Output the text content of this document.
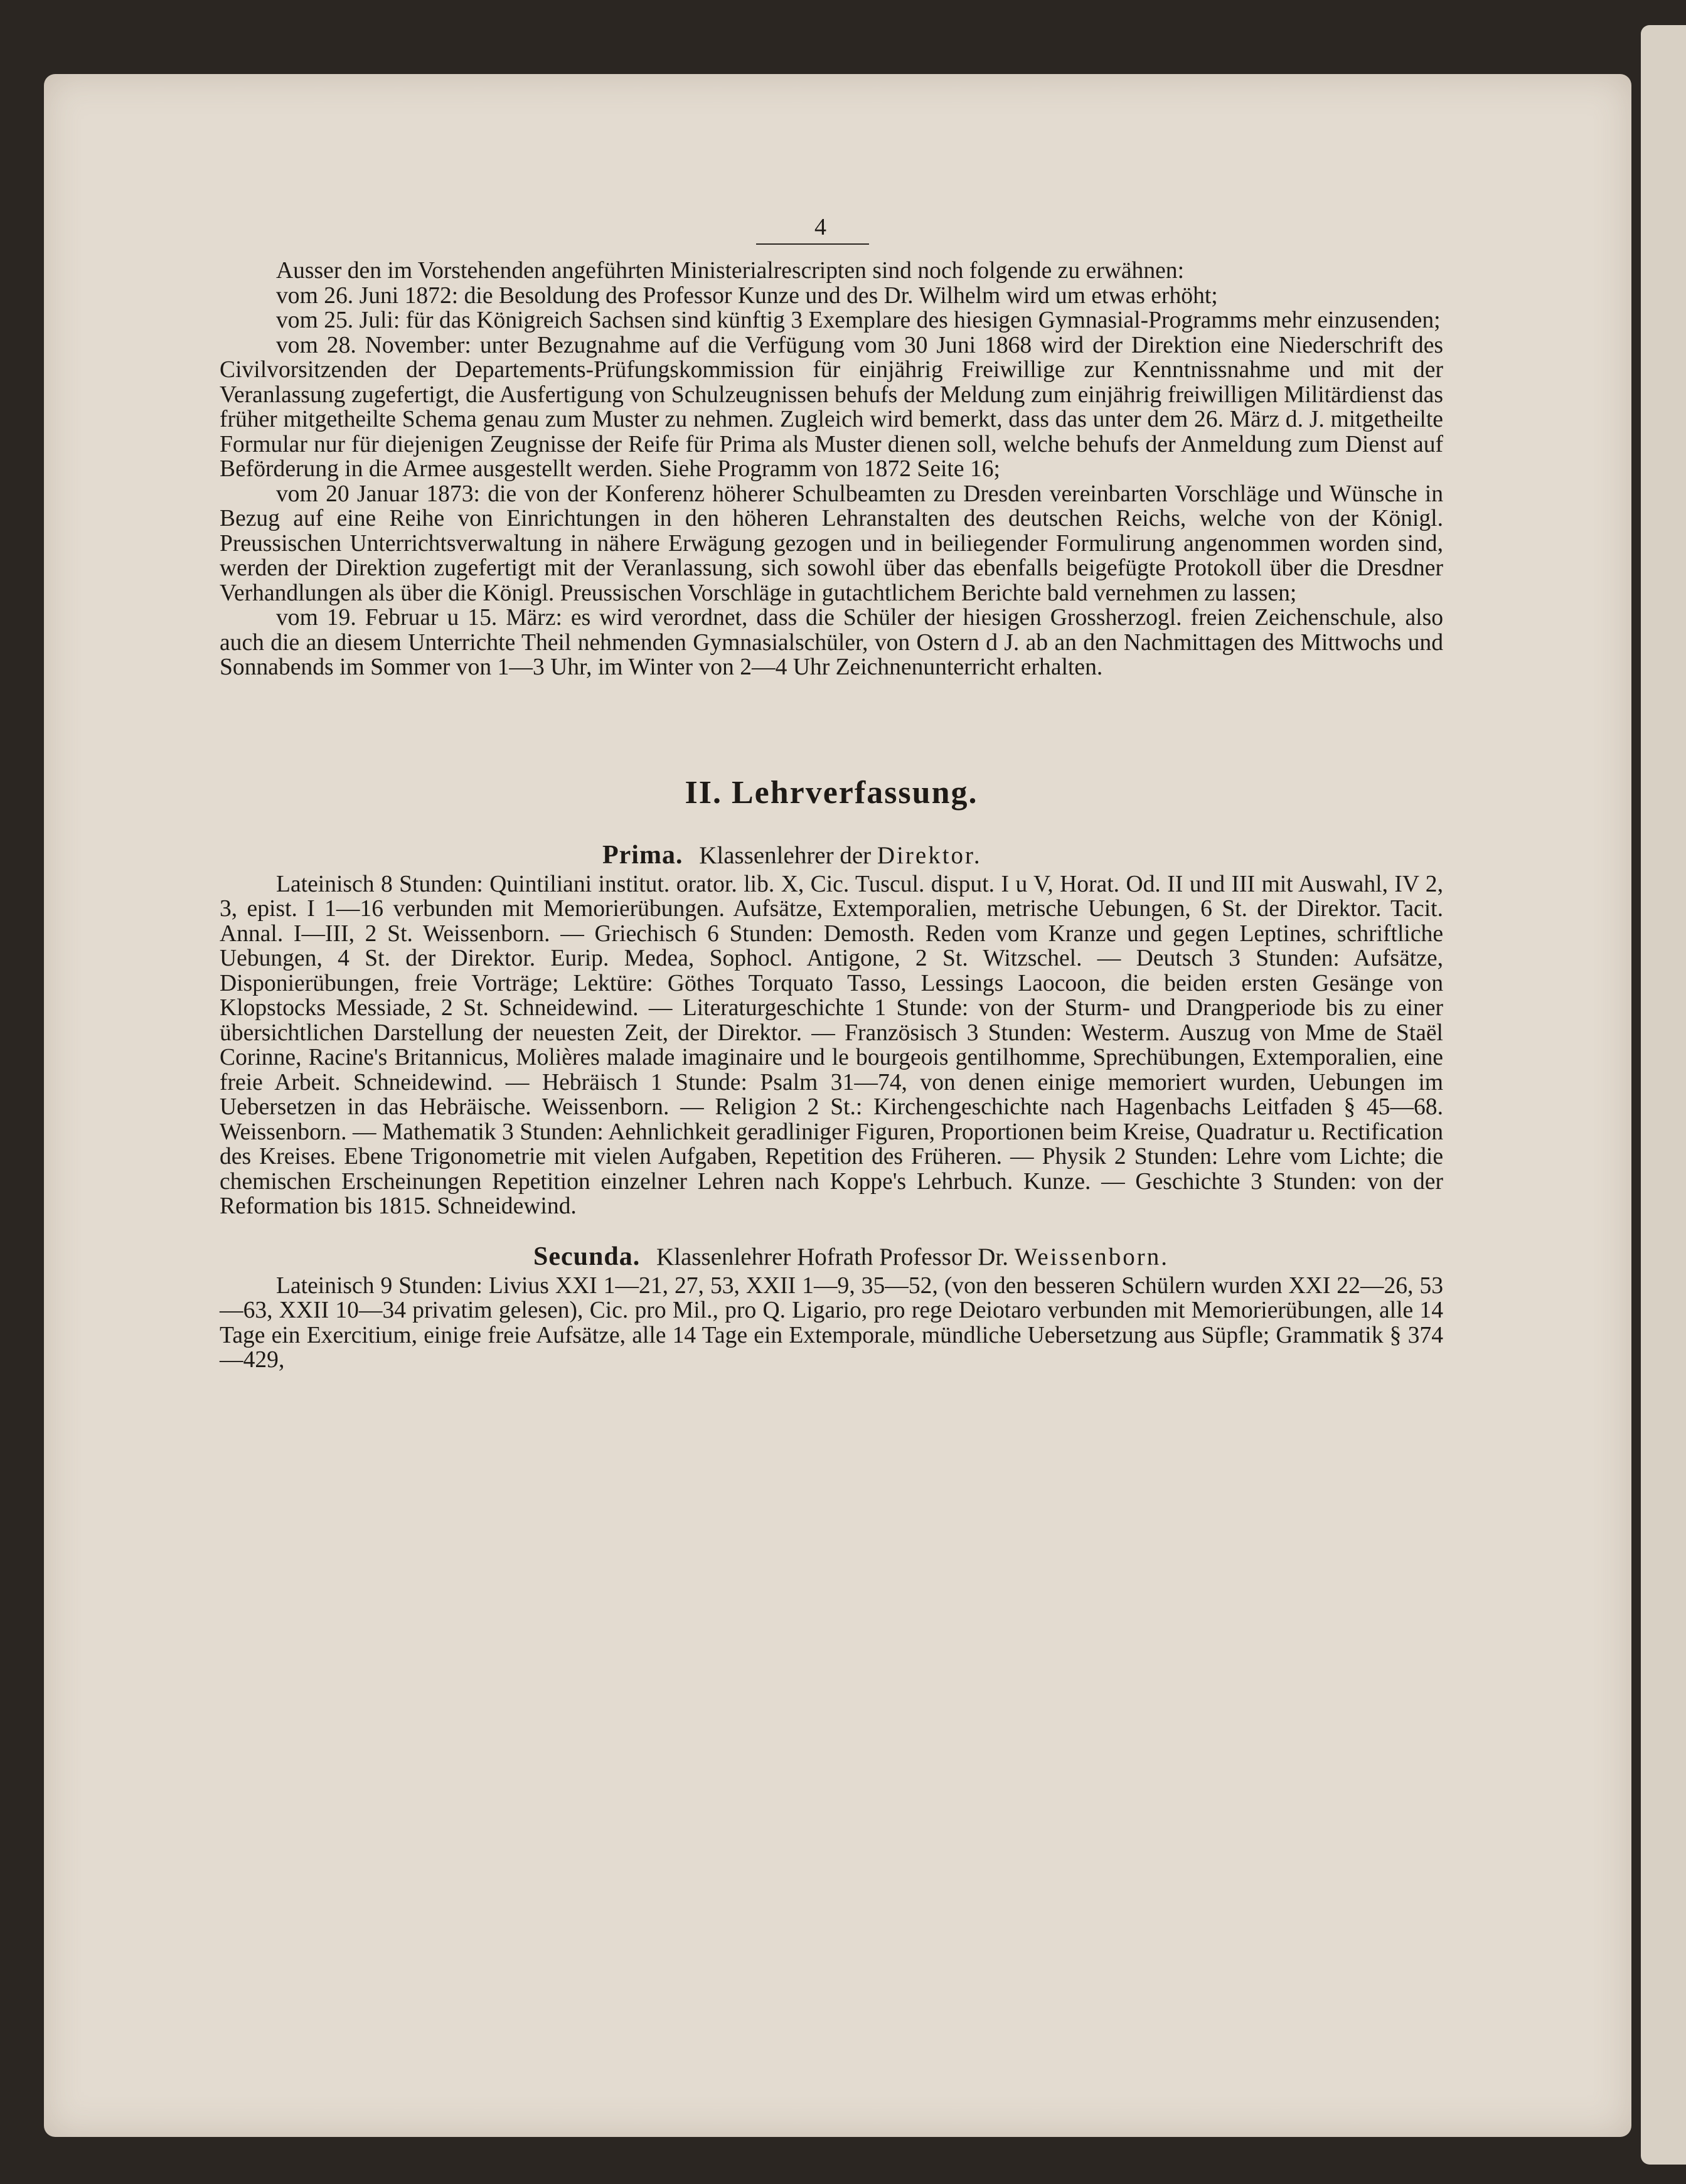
4

Ausser den im Vorstehenden angeführten Ministerialrescripten sind noch folgende zu erwähnen:

vom 26. Juni 1872: die Besoldung des Professor Kunze und des Dr. Wilhelm wird um etwas erhöht;

vom 25. Juli: für das Königreich Sachsen sind künftig 3 Exemplare des hiesigen Gymnasial-Programms mehr einzusenden;

vom 28. November: unter Bezugnahme auf die Verfügung vom 30 Juni 1868 wird der Direktion eine Niederschrift des Civilvorsitzenden der Departements-Prüfungskommission für einjährig Freiwillige zur Kenntnissnahme und mit der Veranlassung zugefertigt, die Ausfertigung von Schulzeugnissen behufs der Meldung zum einjährig freiwilligen Militärdienst das früher mitgetheilte Schema genau zum Muster zu nehmen. Zugleich wird bemerkt, dass das unter dem 26. März d. J. mitgetheilte Formular nur für diejenigen Zeugnisse der Reife für Prima als Muster dienen soll, welche behufs der Anmeldung zum Dienst auf Beförderung in die Armee ausgestellt werden. Siehe Programm von 1872 Seite 16;

vom 20 Januar 1873: die von der Konferenz höherer Schulbeamten zu Dresden vereinbarten Vorschläge und Wünsche in Bezug auf eine Reihe von Einrichtungen in den höheren Lehranstalten des deutschen Reichs, welche von der Königl. Preussischen Unterrichtsverwaltung in nähere Erwägung gezogen und in beiliegender Formulirung angenommen worden sind, werden der Direktion zugefertigt mit der Veranlassung, sich sowohl über das ebenfalls beigefügte Protokoll über die Dresdner Verhandlungen als über die Königl. Preussischen Vorschläge in gutachtlichem Berichte bald vernehmen zu lassen;

vom 19. Februar u 15. März: es wird verordnet, dass die Schüler der hiesigen Grossherzogl. freien Zeichenschule, also auch die an diesem Unterrichte Theil nehmenden Gymnasialschüler, von Ostern d J. ab an den Nachmittagen des Mittwochs und Sonnabends im Sommer von 1—3 Uhr, im Winter von 2—4 Uhr Zeichnenunterricht erhalten.

II. Lehrverfassung.
Prima. Klassenlehrer der Direktor.

Lateinisch 8 Stunden: Quintiliani institut. orator. lib. X, Cic. Tuscul. disput. I u V, Horat. Od. II und III mit Auswahl, IV 2, 3, epist. I 1—16 verbunden mit Memorierübungen. Aufsätze, Extemporalien, metrische Uebungen, 6 St. der Direktor. Tacit. Annal. I—III, 2 St. Weissenborn. — Griechisch 6 Stunden: Demosth. Reden vom Kranze und gegen Leptines, schriftliche Uebungen, 4 St. der Direktor. Eurip. Medea, Sophocl. Antigone, 2 St. Witzschel. — Deutsch 3 Stunden: Aufsätze, Disponierübungen, freie Vorträge; Lektüre: Göthes Torquato Tasso, Lessings Laocoon, die beiden ersten Gesänge von Klopstocks Messiade, 2 St. Schneidewind. — Literaturgeschichte 1 Stunde: von der Sturm- und Drangperiode bis zu einer übersichtlichen Darstellung der neuesten Zeit, der Direktor. — Französisch 3 Stunden: Westerm. Auszug von Mme de Staël Corinne, Racine's Britannicus, Molières malade imaginaire und le bourgeois gentilhomme, Sprechübungen, Extemporalien, eine freie Arbeit. Schneidewind. — Hebräisch 1 Stunde: Psalm 31—74, von denen einige memoriert wurden, Uebungen im Uebersetzen in das Hebräische. Weissenborn. — Religion 2 St.: Kirchengeschichte nach Hagenbachs Leitfaden § 45—68. Weissenborn. — Mathematik 3 Stunden: Aehnlichkeit geradliniger Figuren, Proportionen beim Kreise, Quadratur u. Rectification des Kreises. Ebene Trigonometrie mit vielen Aufgaben, Repetition des Früheren. — Physik 2 Stunden: Lehre vom Lichte; die chemischen Erscheinungen Repetition einzelner Lehren nach Koppe's Lehrbuch. Kunze. — Geschichte 3 Stunden: von der Reformation bis 1815. Schneidewind.

Secunda. Klassenlehrer Hofrath Professor Dr. Weissenborn.

Lateinisch 9 Stunden: Livius XXI 1—21, 27, 53, XXII 1—9, 35—52, (von den besseren Schülern wurden XXI 22—26, 53—63, XXII 10—34 privatim gelesen), Cic. pro Mil., pro Q. Ligario, pro rege Deiotaro verbunden mit Memorierübungen, alle 14 Tage ein Exercitium, einige freie Aufsätze, alle 14 Tage ein Extemporale, mündliche Uebersetzung aus Süpfle; Grammatik § 374—429,
